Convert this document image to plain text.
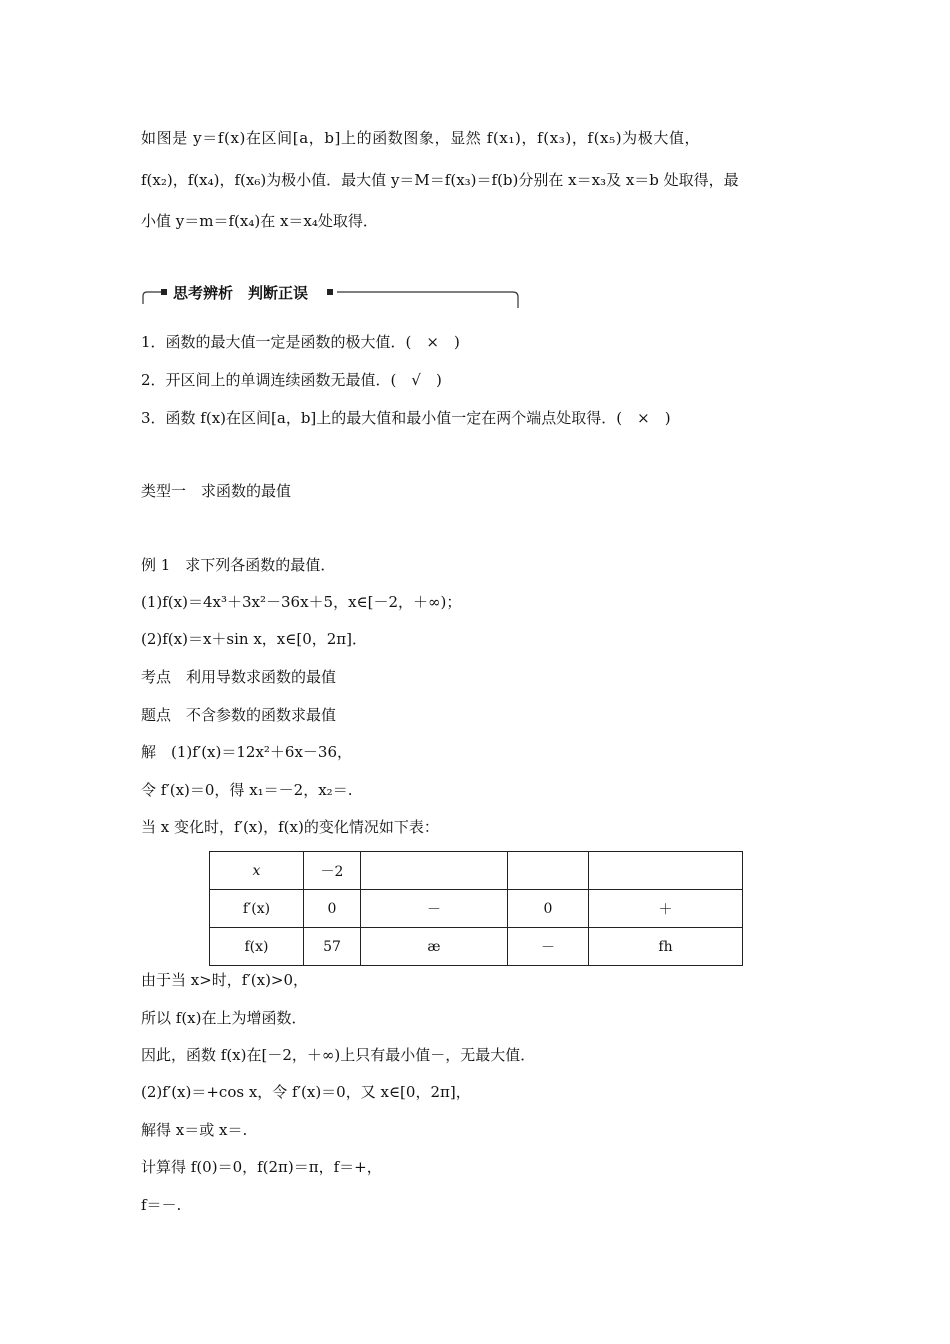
如图是 y＝f(x)在区间[a，b]上的函数图象，显然 f(x₁)，f(x₃)，f(x₅)为极大值，
f(x₂)，f(x₄)，f(x₆)为极小值．最大值 y＝M＝f(x₃)＝f(b)分别在 x＝x₃及 x＝b 处取得，最
小值 y＝m＝f(x₄)在 x＝x₄处取得．
思考辨析　判断正误
1．函数的最大值一定是函数的极大值．(　×　)
2．开区间上的单调连续函数无最值．(　√　)
3．函数 f(x)在区间[a，b]上的最大值和最小值一定在两个端点处取得．(　×　)
类型一　求函数的最值
例 1　求下列各函数的最值．
(1)f(x)＝4x³＋3x²－36x＋5，x∈[－2，＋∞)；
(2)f(x)＝x＋sin x，x∈[0，2π]．
考点　利用导数求函数的最值
题点　不含参数的函数求最值
解　(1)f′(x)＝12x²＋6x－36，
令 f′(x)＝0，得 x₁＝－2，x₂＝.
当 x 变化时，f′(x)，f(x)的变化情况如下表：
x	－2			
f′(x)	0	－	0	＋
f(x)	57	æ	－	fh
由于当 x>时，f′(x)>0，
所以 f(x)在上为增函数．
因此，函数 f(x)在[－2，＋∞)上只有最小值－，无最大值．
(2)f′(x)＝+cos x，令 f′(x)＝0，又 x∈[0，2π]，
解得 x＝或 x＝.
计算得 f(0)＝0，f(2π)＝π，f＝+，
f＝－.
